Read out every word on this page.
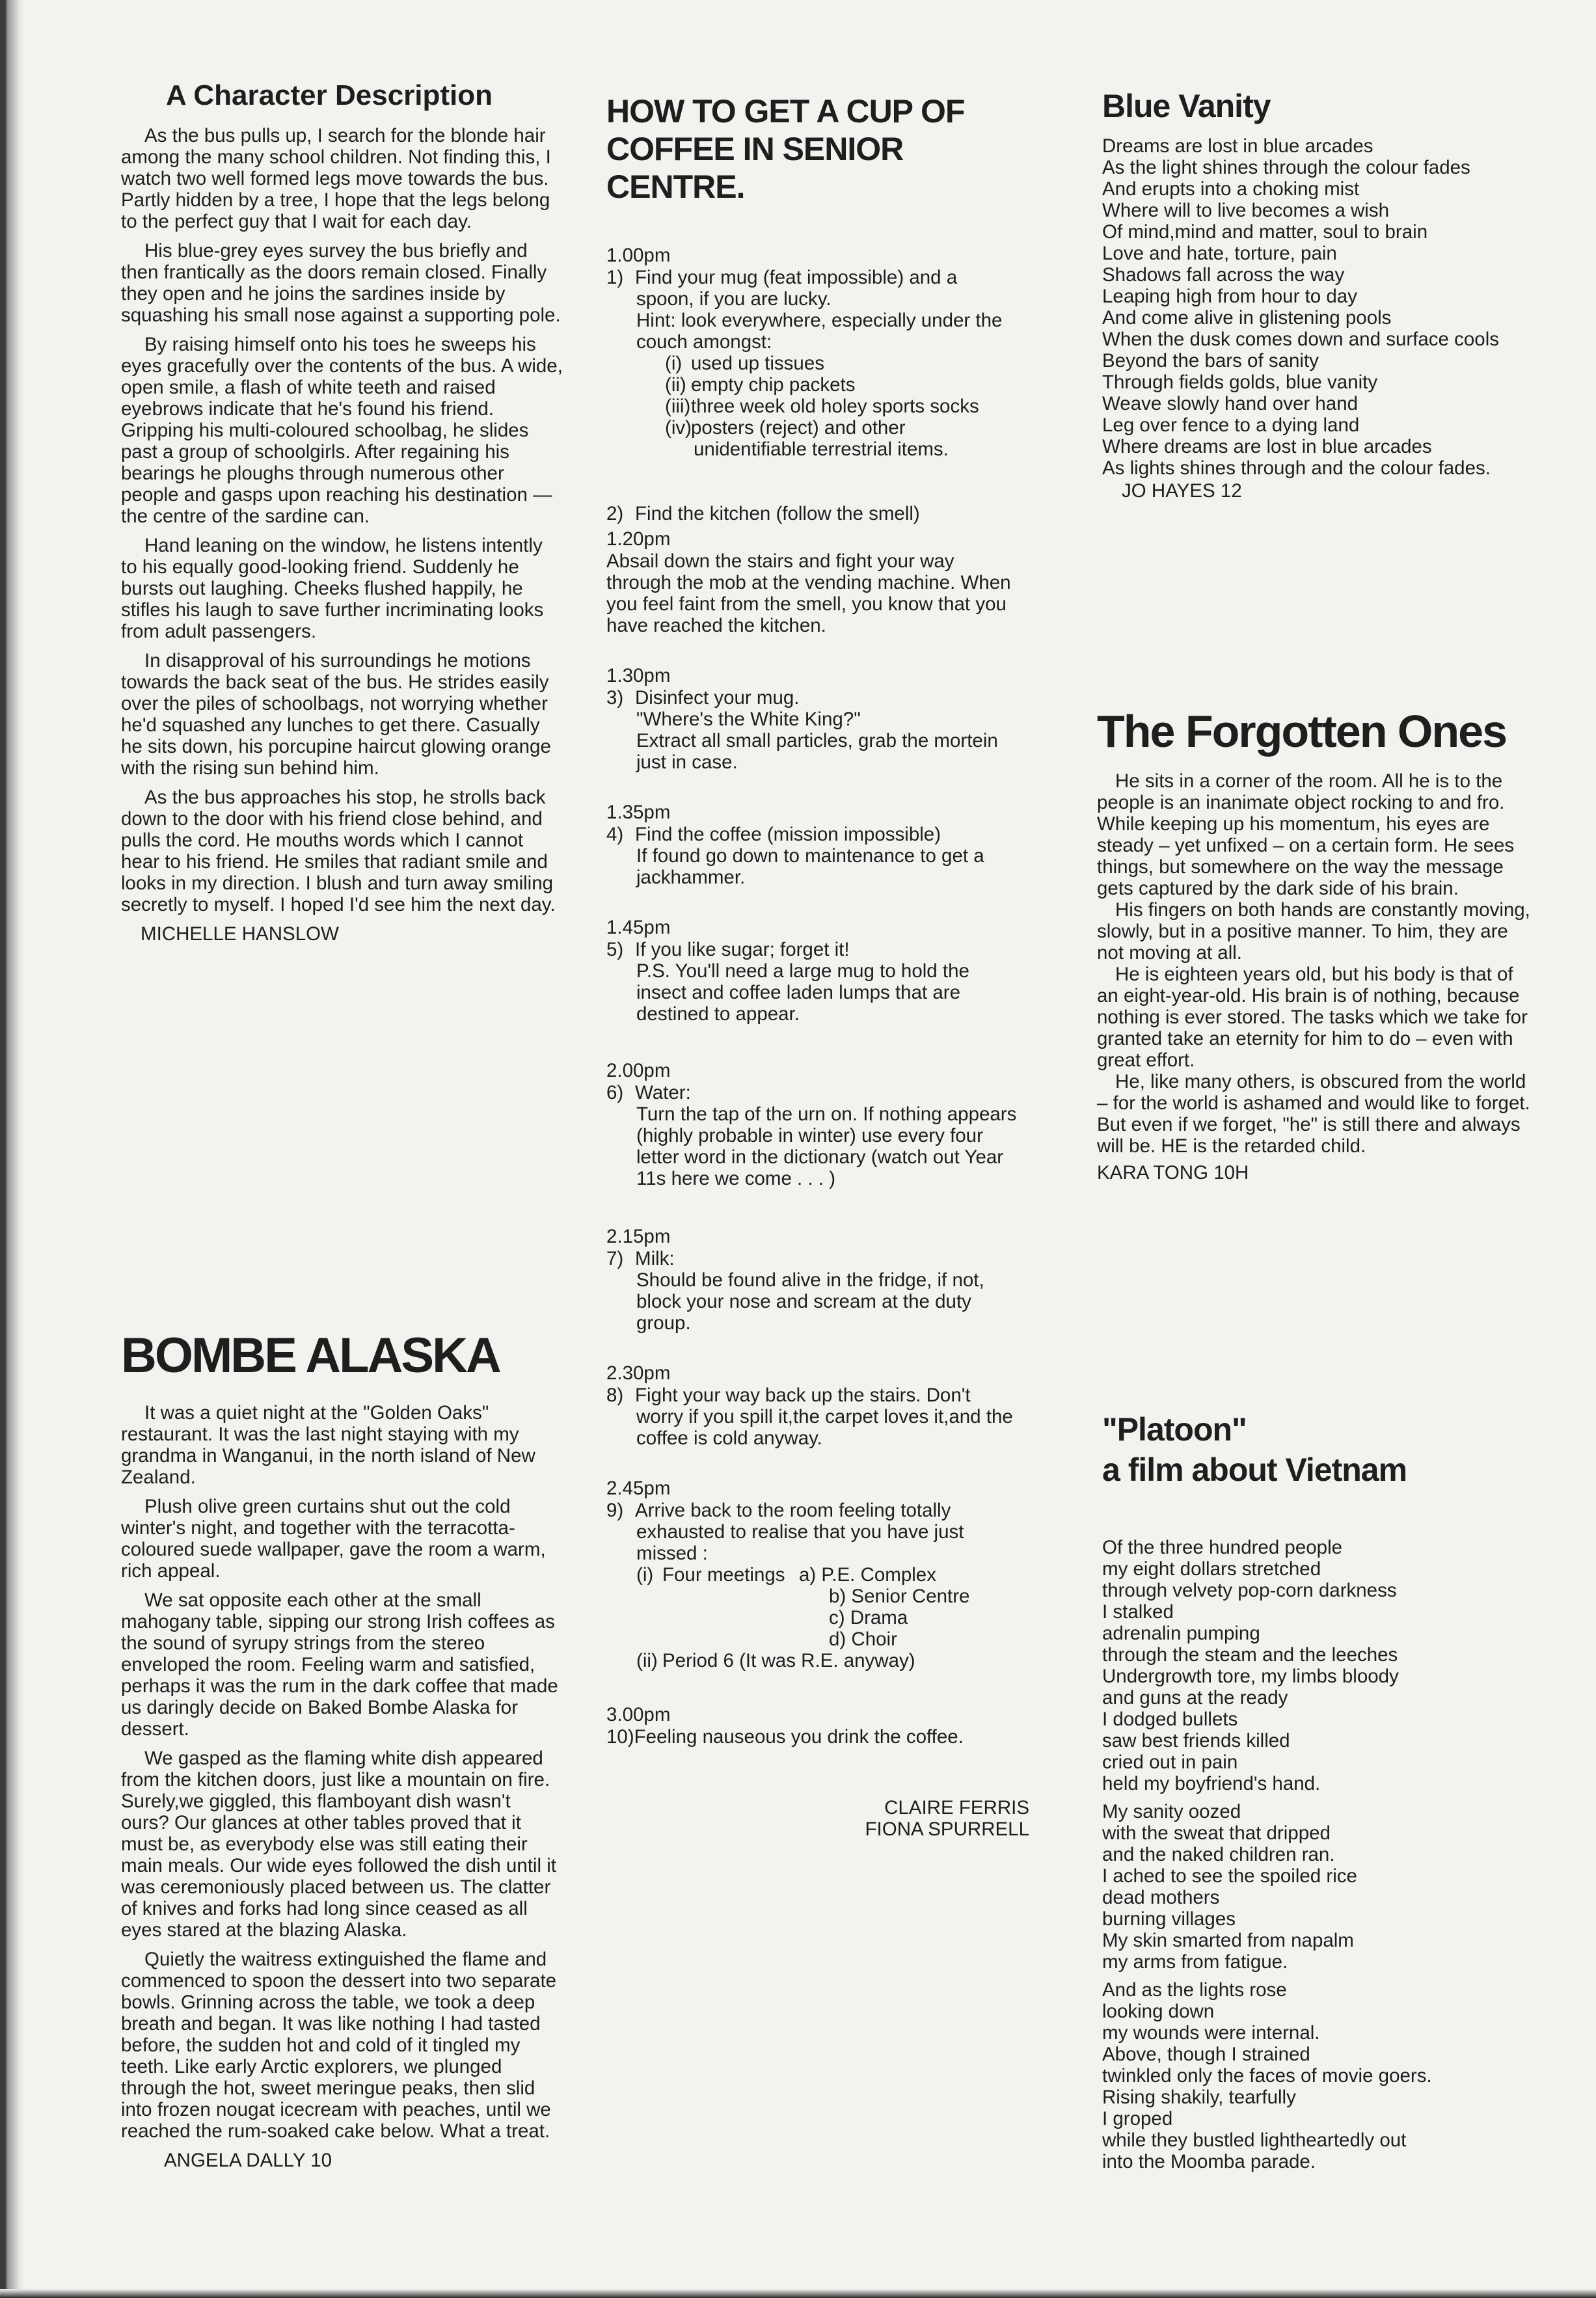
A Character Description

As the bus pulls up, I search for the blonde hair among the many school children. Not finding this, I watch two well formed legs move towards the bus. Partly hidden by a tree, I hope that the legs belong to the perfect guy that I wait for each day.

His blue-grey eyes survey the bus briefly and then frantically as the doors remain closed. Finally they open and he joins the sardines inside by squashing his small nose against a supporting pole.

By raising himself onto his toes he sweeps his eyes gracefully over the contents of the bus. A wide, open smile, a flash of white teeth and raised eyebrows indicate that he's found his friend. Gripping his multi-coloured schoolbag, he slides past a group of schoolgirls. After regaining his bearings he ploughs through numerous other people and gasps upon reaching his destination — the centre of the sardine can.

Hand leaning on the window, he listens intently to his equally good-looking friend. Suddenly he bursts out laughing. Cheeks flushed happily, he stifles his laugh to save further incriminating looks from adult passengers.

In disapproval of his surroundings he motions towards the back seat of the bus. He strides easily over the piles of schoolbags, not worrying whether he'd squashed any lunches to get there. Casually he sits down, his porcupine haircut glowing orange with the rising sun behind him.

As the bus approaches his stop, he strolls back down to the door with his friend close behind, and pulls the cord. He mouths words which I cannot hear to his friend. He smiles that radiant smile and looks in my direction. I blush and turn away smiling secretly to myself. I hoped I'd see him the next day.

MICHELLE HANSLOW

BOMBE ALASKA

It was a quiet night at the "Golden Oaks" restaurant. It was the last night staying with my grandma in Wanganui, in the north island of New Zealand.

Plush olive green curtains shut out the cold winter's night, and together with the terracotta-coloured suede wallpaper, gave the room a warm, rich appeal.

We sat opposite each other at the small mahogany table, sipping our strong Irish coffees as the sound of syrupy strings from the stereo enveloped the room. Feeling warm and satisfied, perhaps it was the rum in the dark coffee that made us daringly decide on Baked Bombe Alaska for dessert.

We gasped as the flaming white dish appeared from the kitchen doors, just like a mountain on fire. Surely,we giggled, this flamboyant dish wasn't ours? Our glances at other tables proved that it must be, as everybody else was still eating their main meals. Our wide eyes followed the dish until it was ceremoniously placed between us. The clatter of knives and forks had long since ceased as all eyes stared at the blazing Alaska.

Quietly the waitress extinguished the flame and commenced to spoon the dessert into two separate bowls. Grinning across the table, we took a deep breath and began. It was like nothing I had tasted before, the sudden hot and cold of it tingled my teeth. Like early Arctic explorers, we plunged through the hot, sweet meringue peaks, then slid into frozen nougat icecream with peaches, until we reached the rum-soaked cake below. What a treat.

ANGELA DALLY 10

HOW TO GET A CUP OF
COFFEE IN SENIOR
CENTRE.
1.00pm
1) Find your mug (feat impossible) and a
spoon, if you are lucky.
Hint: look everywhere, especially under the
couch amongst:
(i) used up tissues
(ii) empty chip packets
(iii) three week old holey sports socks
(iv) posters (reject) and other
unidentifiable terrestrial items.
2) Find the kitchen (follow the smell)
1.20pm
Absail down the stairs and fight your way
through the mob at the vending machine. When
you feel faint from the smell, you know that you
have reached the kitchen.
1.30pm
3) Disinfect your mug.
"Where's the White King?"
Extract all small particles, grab the mortein
just in case.
1.35pm
4) Find the coffee (mission impossible)
If found go down to maintenance to get a
jackhammer.
1.45pm
5) If you like sugar; forget it!
P.S. You'll need a large mug to hold the
insect and coffee laden lumps that are
destined to appear.
2.00pm
6) Water:
Turn the tap of the urn on. If nothing appears
(highly probable in winter) use every four
letter word in the dictionary (watch out Year
11s here we come . . . )
2.15pm
7) Milk:
Should be found alive in the fridge, if not,
block your nose and scream at the duty
group.
2.30pm
8) Fight your way back up the stairs. Don't
worry if you spill it,the carpet loves it,and the
coffee is cold anyway.
2.45pm
9) Arrive back to the room feeling totally
exhausted to realise that you have just
missed :
(i) Four meetings a) P.E. Complex
b) Senior Centre
c) Drama
d) Choir
(ii) Period 6 (It was R.E. anyway)
3.00pm
10)Feeling nauseous you drink the coffee.
CLAIRE FERRIS
FIONA SPURRELL
Blue Vanity
Dreams are lost in blue arcades
As the light shines through the colour fades
And erupts into a choking mist
Where will to live becomes a wish
Of mind,mind and matter, soul to brain
Love and hate, torture, pain
Shadows fall across the way
Leaping high from hour to day
And come alive in glistening pools
When the dusk comes down and surface cools
Beyond the bars of sanity
Through fields golds, blue vanity
Weave slowly hand over hand
Leg over fence to a dying land
Where dreams are lost in blue arcades
As lights shines through and the colour fades.

JO HAYES 12

The Forgotten Ones

He sits in a corner of the room. All he is to the people is an inanimate object rocking to and fro. While keeping up his momentum, his eyes are steady – yet unfixed – on a certain form. He sees things, but somewhere on the way the message gets captured by the dark side of his brain.

His fingers on both hands are constantly moving, slowly, but in a positive manner. To him, they are not moving at all.

He is eighteen years old, but his body is that of an eight-year-old. His brain is of nothing, because nothing is ever stored. The tasks which we take for granted take an eternity for him to do – even with great effort.

He, like many others, is obscured from the world – for the world is ashamed and would like to forget. But even if we forget, "he" is still there and always will be. HE is the retarded child.

KARA TONG 10H

"Platoon"
a film about Vietnam
Of the three hundred people
my eight dollars stretched
through velvety pop-corn darkness
I stalked
adrenalin pumping
through the steam and the leeches
Undergrowth tore, my limbs bloody
and guns at the ready
I dodged bullets
saw best friends killed
cried out in pain
held my boyfriend's hand.
My sanity oozed
with the sweat that dripped
and the naked children ran.
I ached to see the spoiled rice
dead mothers
burning villages
My skin smarted from napalm
my arms from fatigue.
And as the lights rose
looking down
my wounds were internal.
Above, though I strained
twinkled only the faces of movie goers.
Rising shakily, tearfully
I groped
while they bustled lightheartedly out
into the Moomba parade.
